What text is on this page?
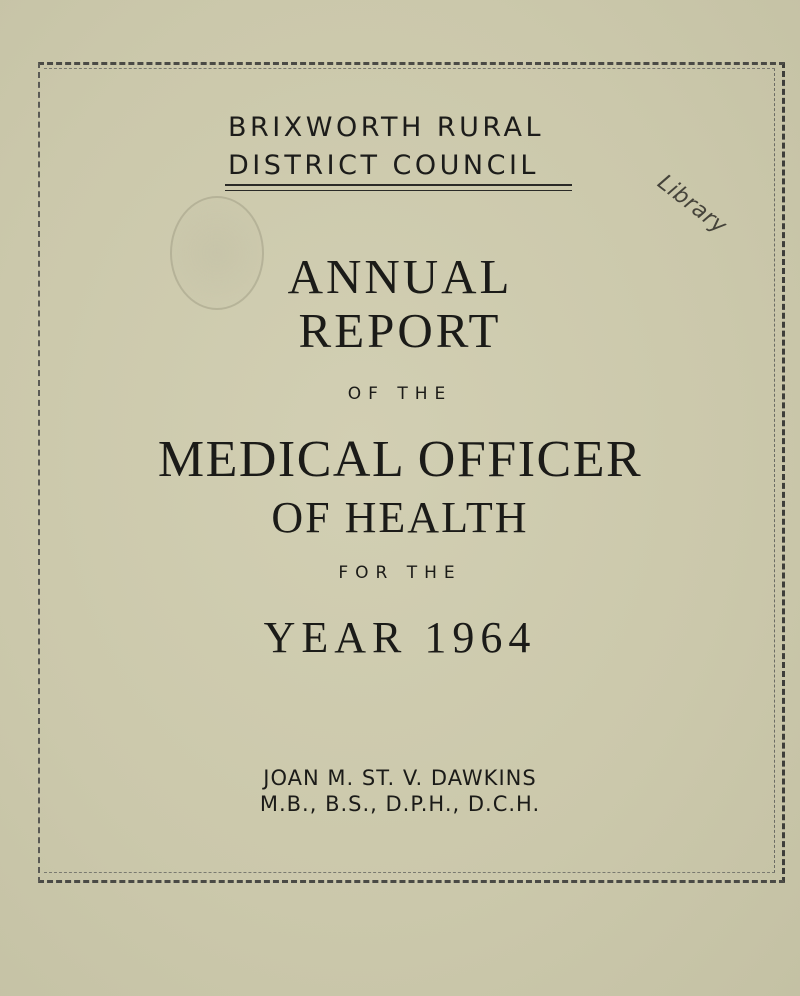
Library
BRIXWORTH RURAL
DISTRICT COUNCIL
ANNUAL
REPORT
OF THE
MEDICAL OFFICER
OF HEALTH
FOR THE
YEAR 1964
JOAN M. ST. V. DAWKINS
M.B., B.S., D.P.H., D.C.H.
